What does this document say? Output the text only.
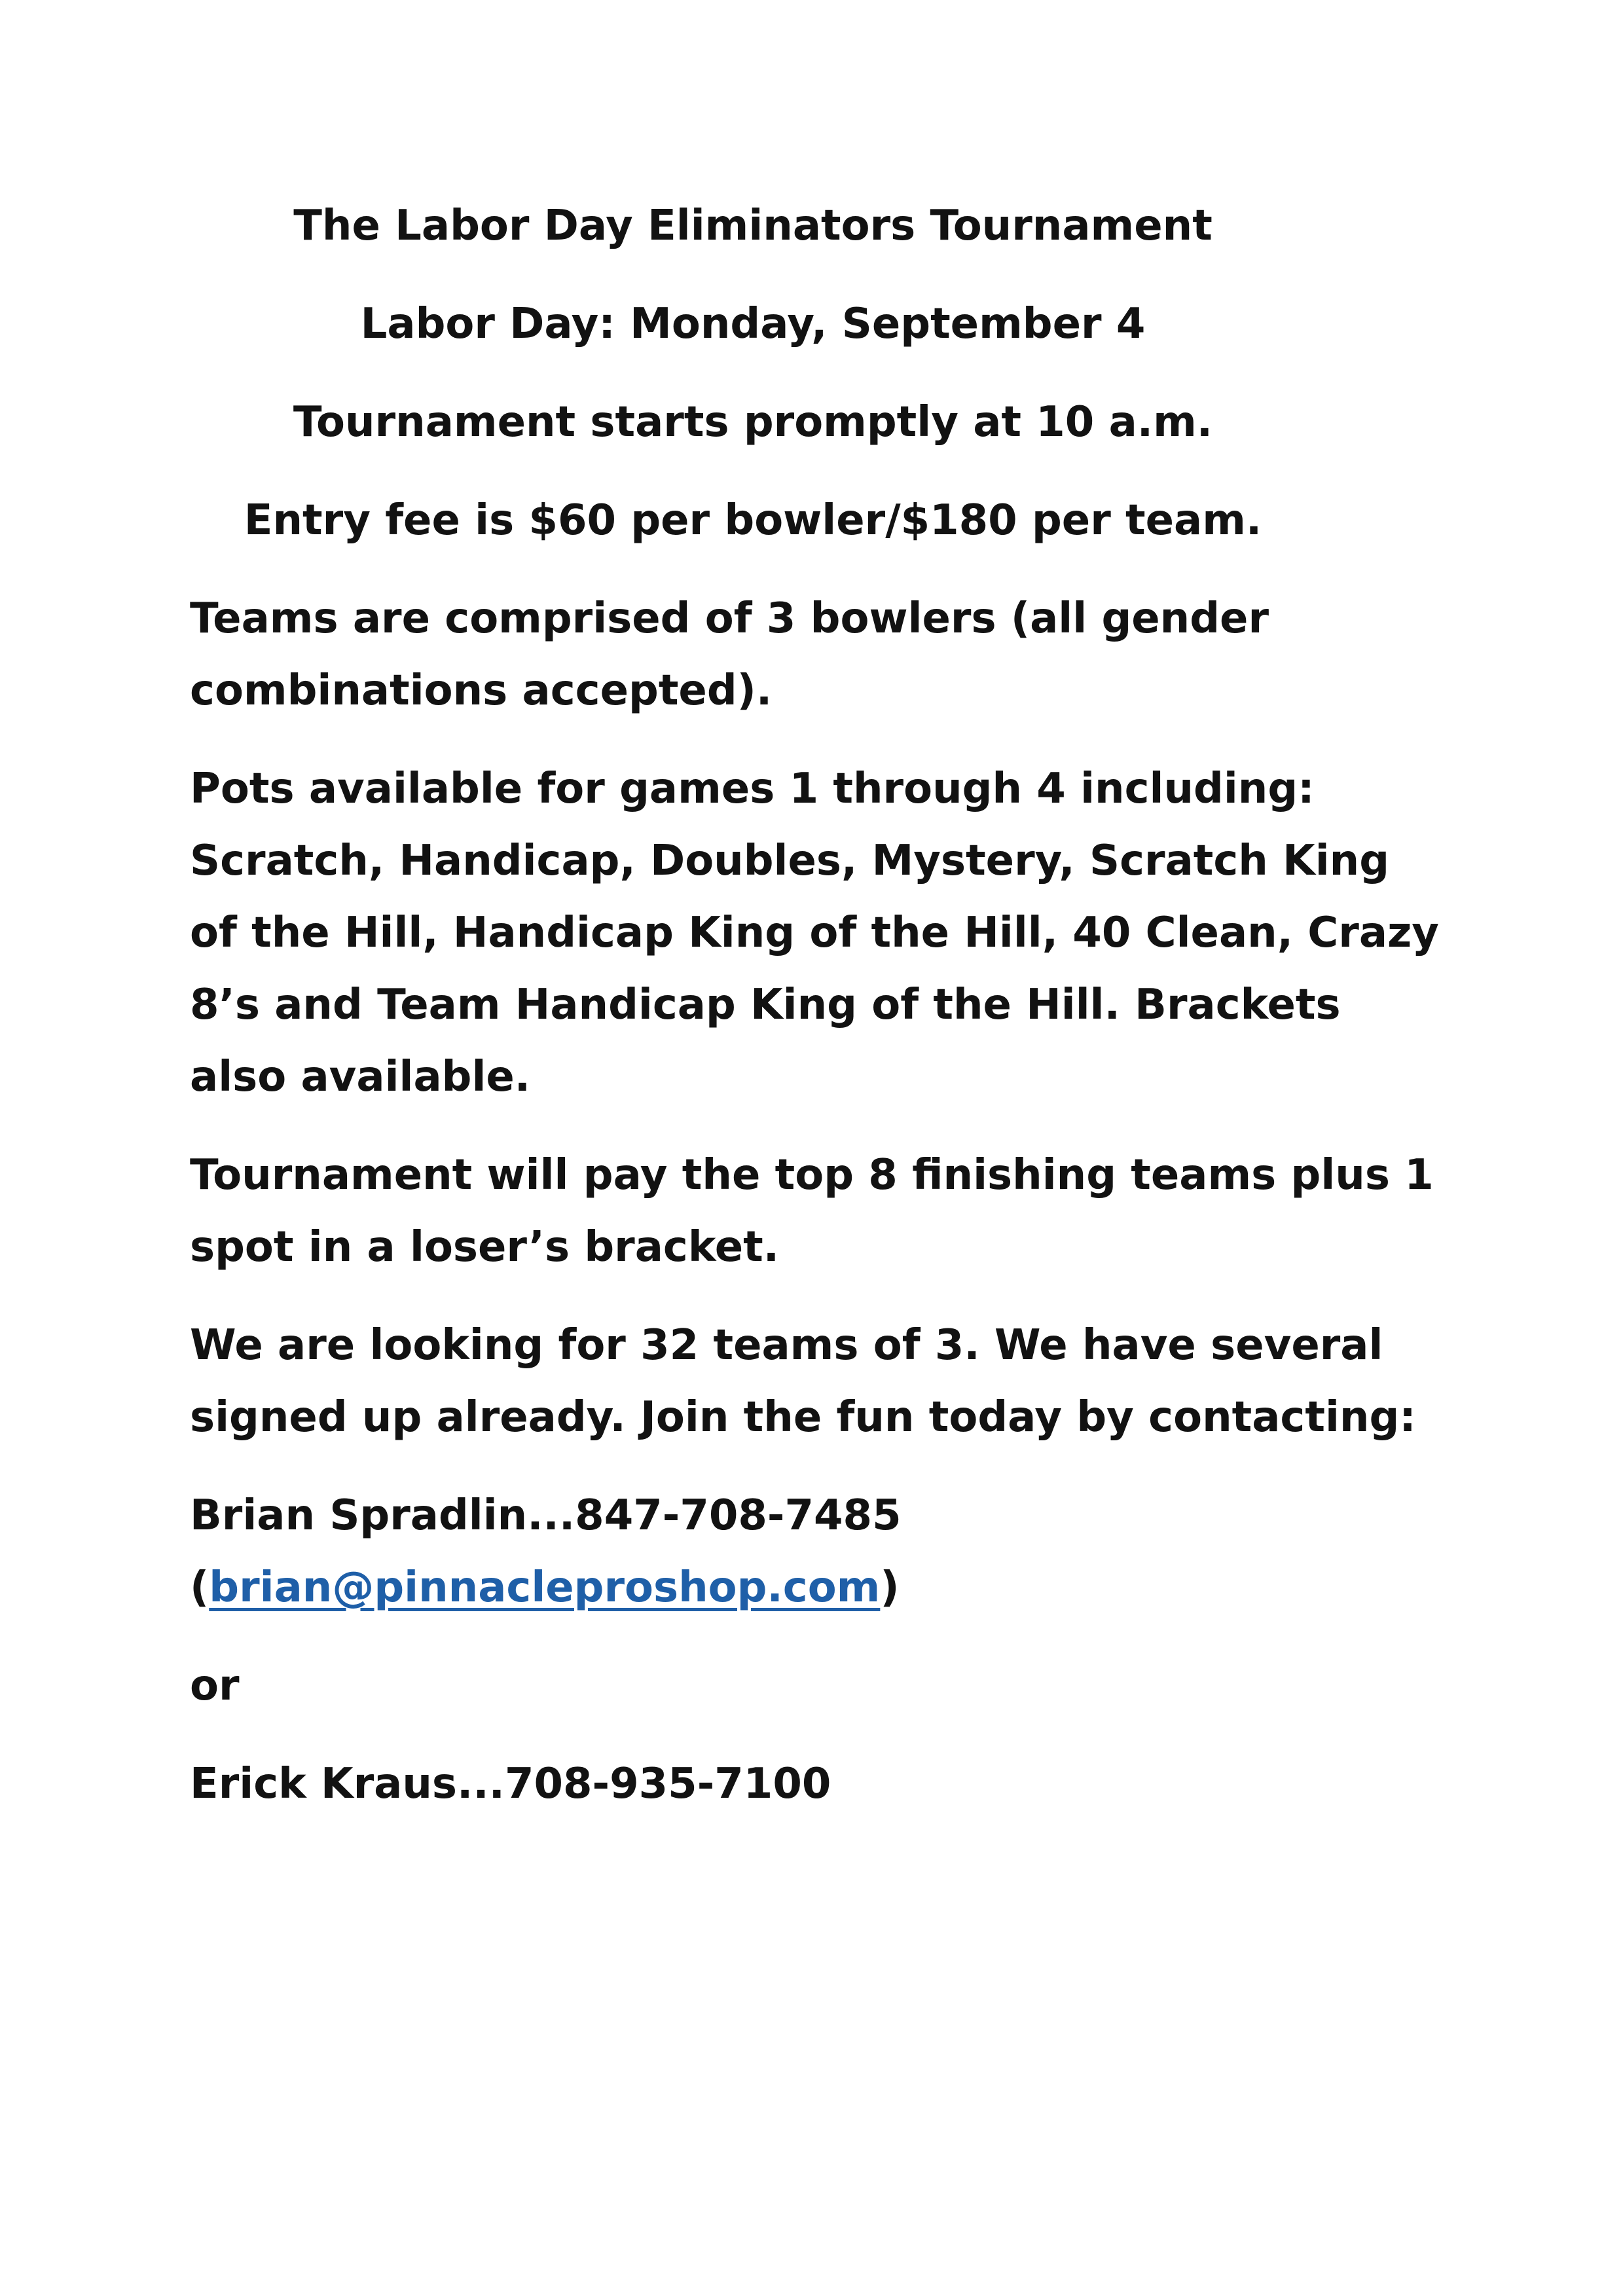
The Labor Day Eliminators Tournament
Labor Day: Monday, September 4
Tournament starts promptly at 10 a.m.
Entry fee is $60 per bowler/$180 per team.
Teams are comprised of 3 bowlers (all gender
combinations accepted).
Pots available for games 1 through 4 including:
Scratch, Handicap, Doubles, Mystery, Scratch King
of the Hill, Handicap King of the Hill, 40 Clean, Crazy
8’s and Team Handicap King of the Hill. Brackets
also available.
Tournament will pay the top 8 finishing teams plus 1
spot in a loser’s bracket.
We are looking for 32 teams of 3. We have several
signed up already. Join the fun today by contacting:
Brian Spradlin...847-708-7485
(brian@pinnacleproshop.com)
or
Erick Kraus...708-935-7100
